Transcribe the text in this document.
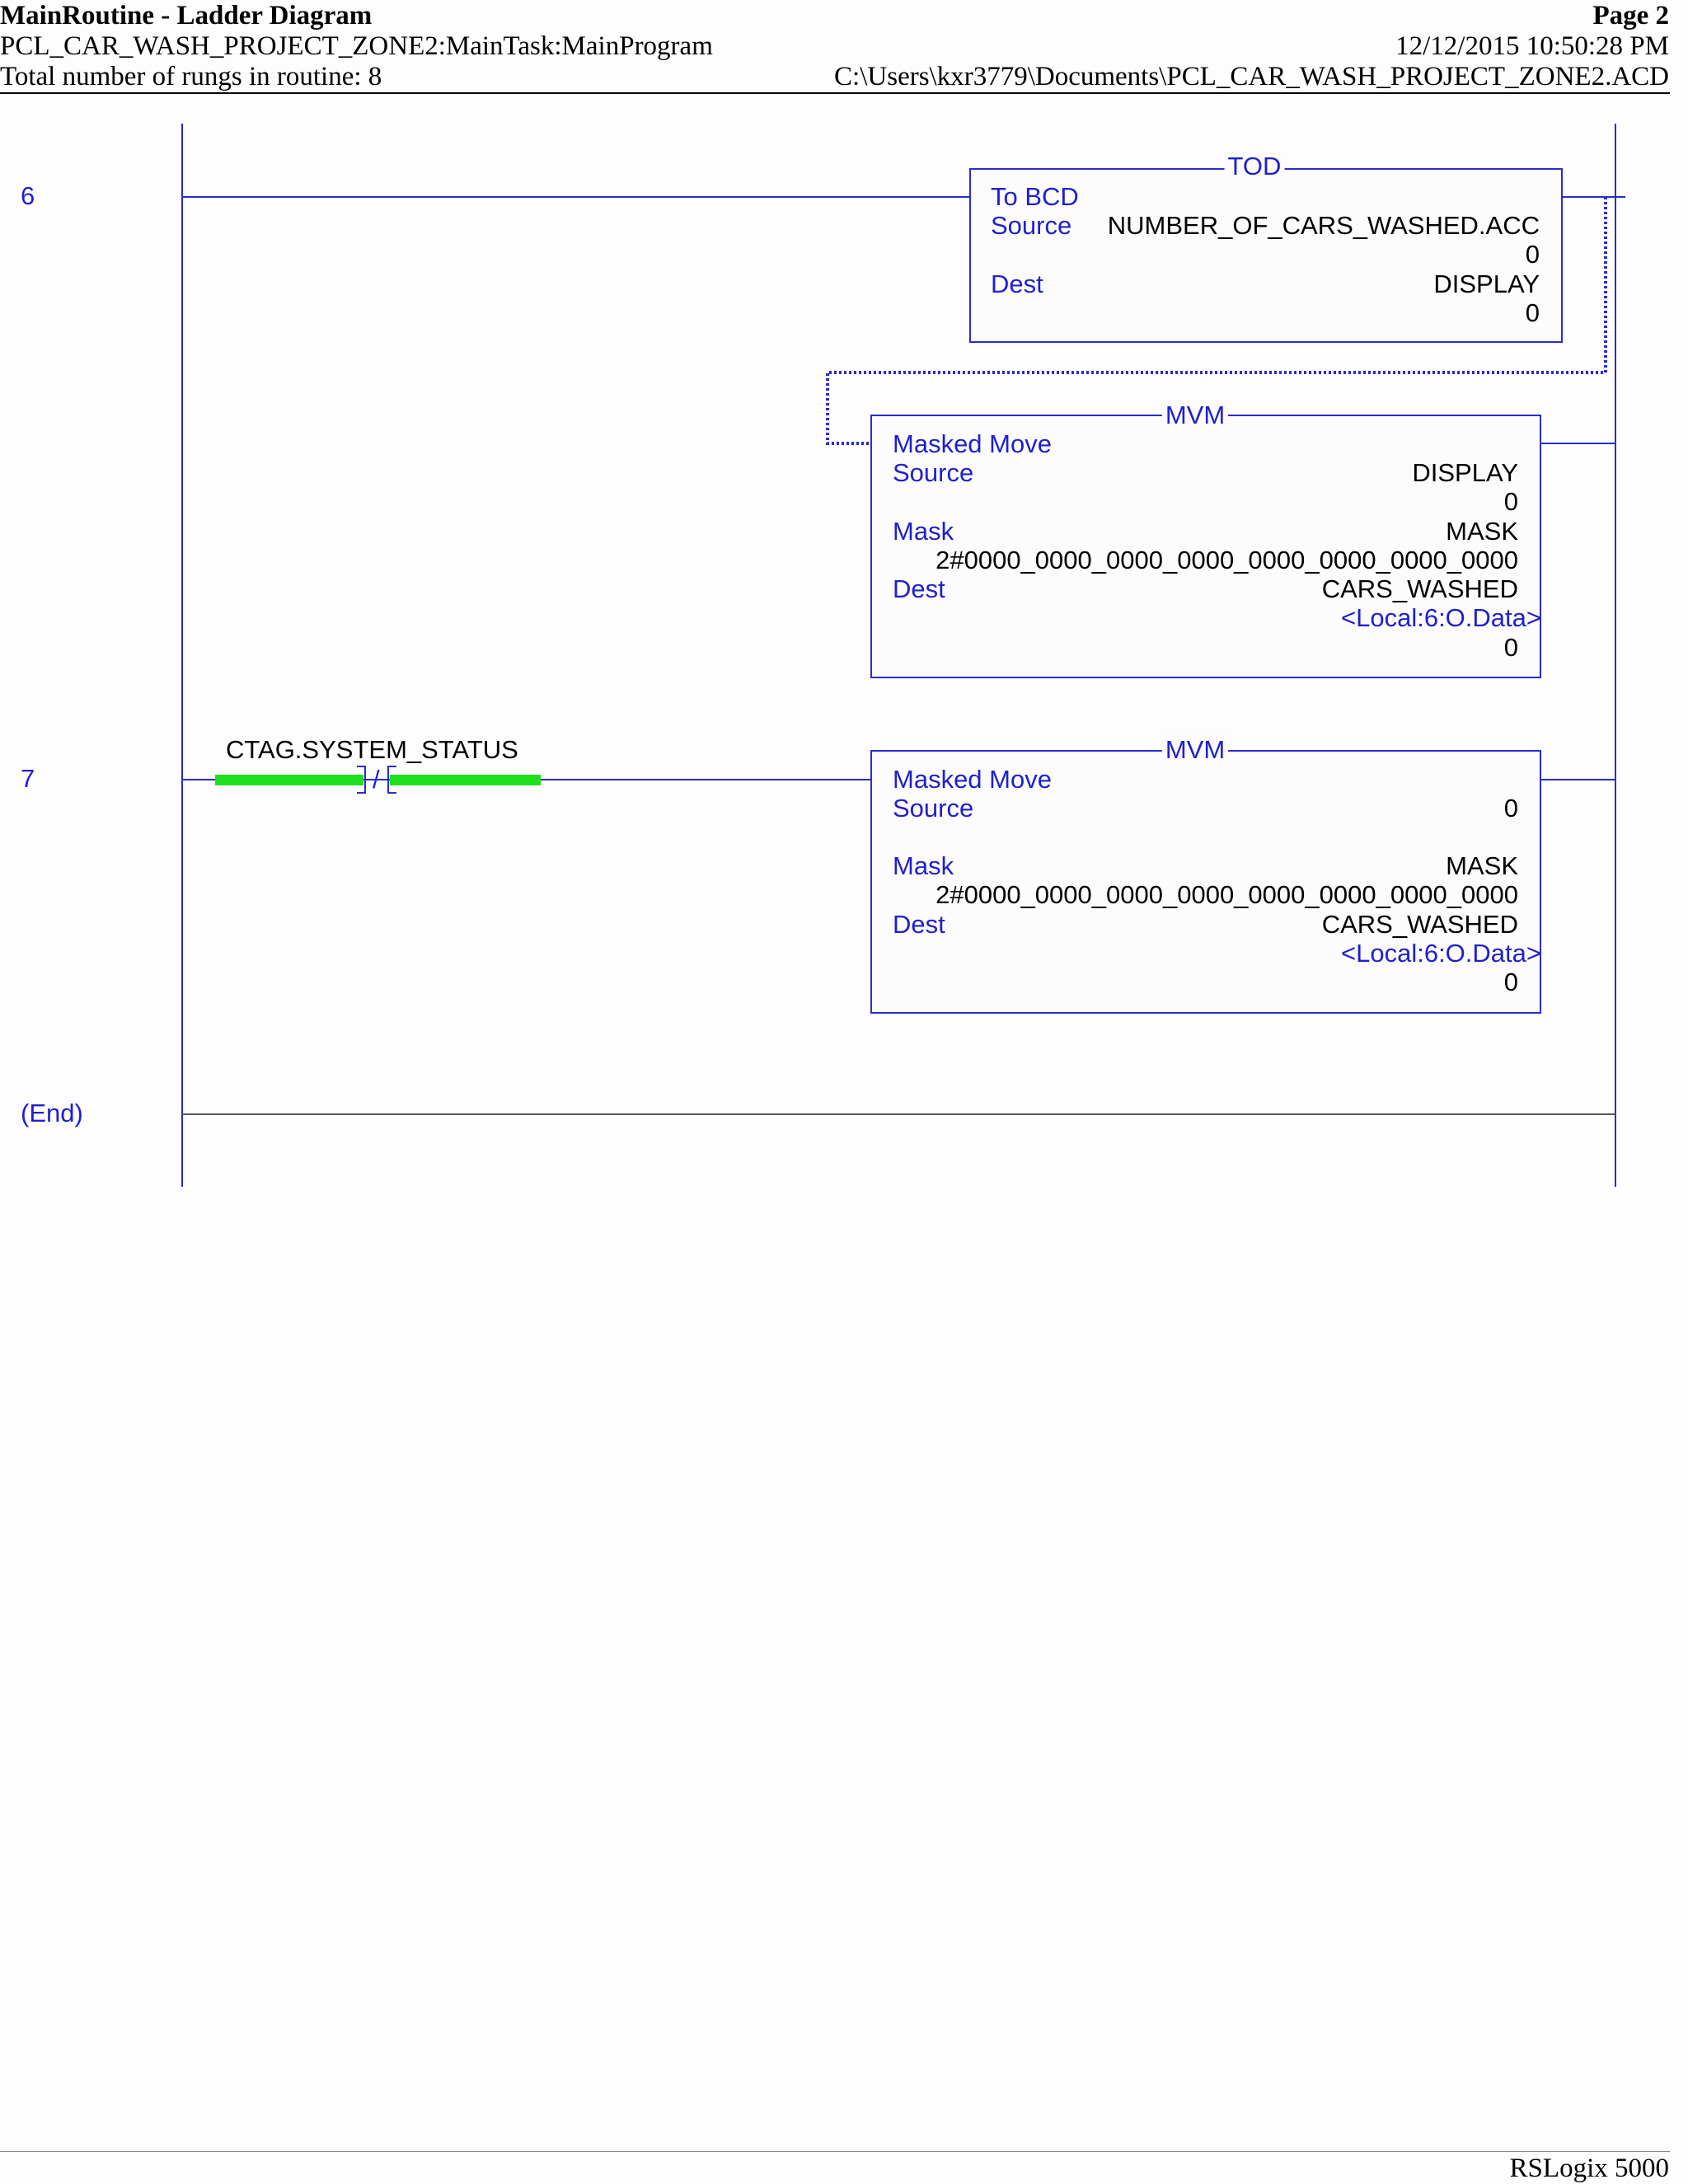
MainRoutine - Ladder Diagram	Page 2
PCL_CAR_WASH_PROJECT_ZONE2:MainTask:MainProgram	12/12/2015 10:50:28 PM
Total number of rungs in routine: 8	C:\Users\kxr3779\Documents\PCL_CAR_WASH_PROJECT_ZONE2.ACD
6
7
(End)
TOD
To BCD
Source NUMBER_OF_CARS_WASHED.ACC
0
Dest	DISPLAY
0
MVM
Masked Move
Source	DISPLAY
0
Mask	MASK
2#0000_0000_0000_0000_0000_0000_0000_0000
Dest	CARS_WASHED
<Local:6:O.Data>
0
CTAG.SYSTEM_STATUS
/
MVM
Masked Move
Source	0
Mask	MASK
2#0000_0000_0000_0000_0000_0000_0000_0000
Dest	CARS_WASHED
<Local:6:O.Data>
0
RSLogix 5000
